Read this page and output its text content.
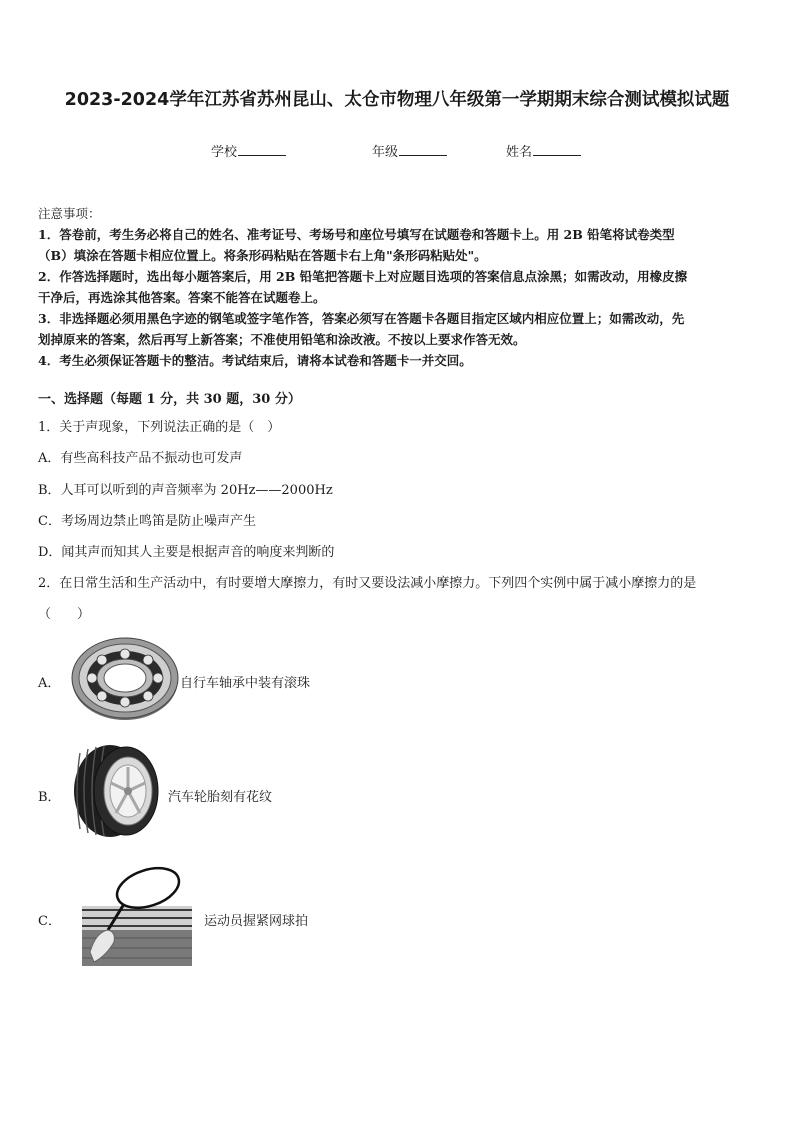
2023-2024学年江苏省苏州昆山、太仓市物理八年级第一学期期末综合测试模拟试题
学校	年级	姓名
注意事项：
1．答卷前，考生务必将自己的姓名、准考证号、考场号和座位号填写在试题卷和答题卡上。用 2B 铅笔将试卷类型
（B）填涂在答题卡相应位置上。将条形码粘贴在答题卡右上角"条形码粘贴处"。
2．作答选择题时，选出每小题答案后，用 2B 铅笔把答题卡上对应题目选项的答案信息点涂黑；如需改动，用橡皮擦
干净后，再选涂其他答案。答案不能答在试题卷上。
3．非选择题必须用黑色字迹的钢笔或签字笔作答，答案必须写在答题卡各题目指定区域内相应位置上；如需改动，先
划掉原来的答案，然后再写上新答案；不准使用铅笔和涂改液。不按以上要求作答无效。
4．考生必须保证答题卡的整洁。考试结束后，请将本试卷和答题卡一并交回。
一、选择题（每题 1 分，共 30 题，30 分）
1．关于声现象，下列说法正确的是（　）
A．有些高科技产品不振动也可发声
B．人耳可以听到的声音频率为 20Hz——2000Hz
C．考场周边禁止鸣笛是防止噪声产生
D．闻其声而知其人主要是根据声音的响度来判断的
2．在日常生活和生产活动中，有时要增大摩擦力，有时又要设法减小摩擦力。下列四个实例中属于减小摩擦力的是
（　　）
A．	自行车轴承中装有滚珠
B．	汽车轮胎刻有花纹
C．	运动员握紧网球拍
